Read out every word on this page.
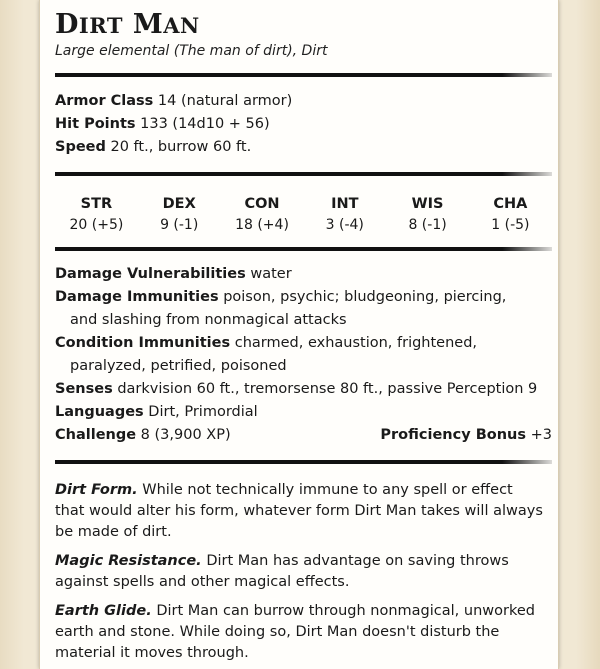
DIRT MAN
Large elemental (The man of dirt), Dirt
Armor Class 14 (natural armor)
Hit Points 133 (14d10 + 56)
Speed 20 ft., burrow 60 ft.
STR
20 (+5)
DEX
9 (-1)
CON
18 (+4)
INT
3 (-4)
WIS
8 (-1)
CHA
1 (-5)
Damage Vulnerabilities water
Damage Immunities poison, psychic; bludgeoning, piercing,
and slashing from nonmagical attacks
Condition Immunities charmed, exhaustion, frightened,
paralyzed, petrified, poisoned
Senses darkvision 60 ft., tremorsense 80 ft., passive Perception 9
Languages Dirt, Primordial
Challenge 8 (3,900 XP)	Proficiency Bonus +3
Dirt Form. While not technically immune to any spell or effect that would alter his form, whatever form Dirt Man takes will always be made of dirt.
Magic Resistance. Dirt Man has advantage on saving throws against spells and other magical effects.
Earth Glide. Dirt Man can burrow through nonmagical, unworked earth and stone. While doing so, Dirt Man doesn't disturb the material it moves through.
